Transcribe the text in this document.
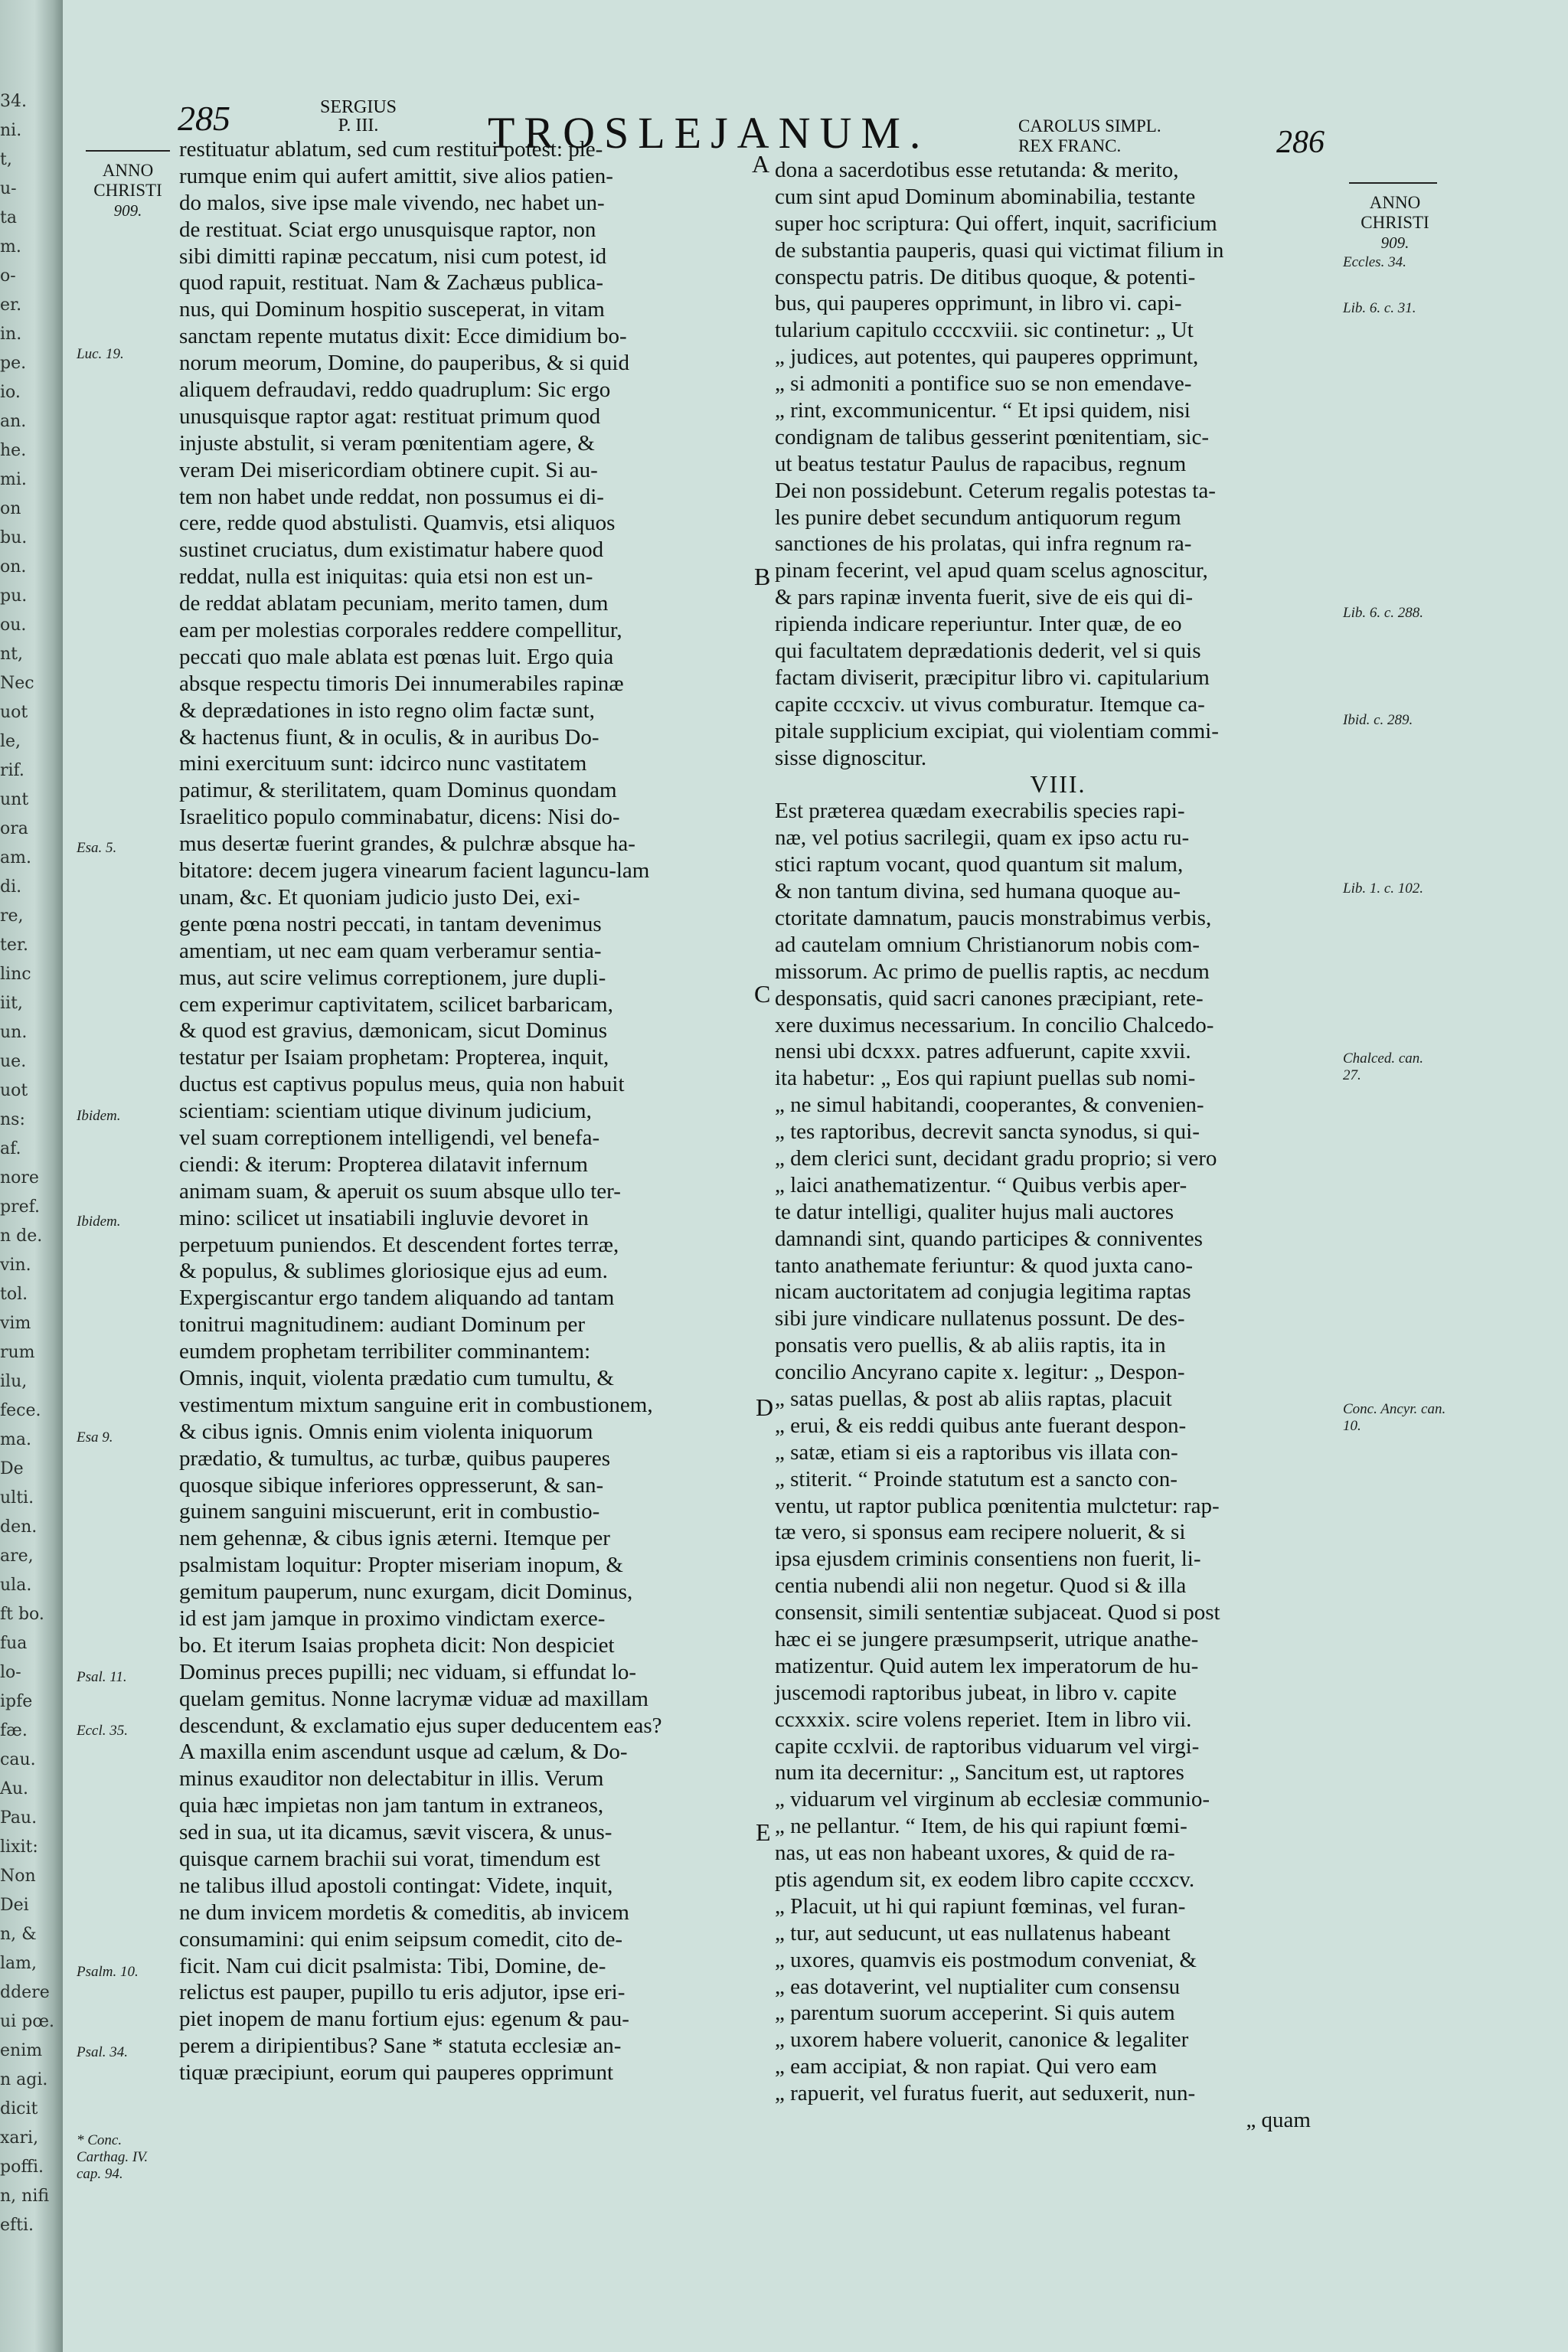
34.
ni.
t,
u-
ta
m.
o-
er.
in.
pe.
io.
an.
he.
mi.
on
bu.
on.
pu.
ou.
nt,
Nec
uot
le,
rif.
unt
ora
am.
di.
re,
ter.
linc
iit,
un.
ue.
uot
ns:
af.
nore
pref.
n de.
vin.
tol.
vim
rum
ilu,
fece.
ma.
De
ulti.
den.
are,
ula.
ft bo.
fua
lo-
ipfe
fæ.
cau.
Au.
Pau.
lixit:
Non
Dei
n, &
lam,
ddere
ui pœ.
enim
n agi.
dicit
xari,
poffi.
n, nifi
efti.
285	SERGIUS
P. III.	TROSLEJANUM.	CAROLUS SIMPL.
REX FRANC.	286
ANNO
CHRISTI
909.	ANNO
CHRISTI
909.
Luc. 19.
Esa. 5.
Ibidem.
Ibidem.
Esa 9.
Psal. 11.
Eccl. 35.
Psalm. 10.
Psal. 34.
* Conc. Carthag. IV. cap. 94.
Eccles. 34.
Lib. 6. c. 31.
Lib. 6. c. 288.
Ibid. c. 289.
Lib. 1. c. 102.
Chalced. can. 27.
Conc. Ancyr. can. 10.
A
B
C
D
E
restituatur ablatum, sed cum restitui potest: ple-
rumque enim qui aufert amittit, sive alios patien-
do malos, sive ipse male vivendo, nec habet un-
de restituat. Sciat ergo unusquisque raptor, non
sibi dimitti rapinæ peccatum, nisi cum potest, id
quod rapuit, restituat. Nam & Zachæus publica-
nus, qui Dominum hospitio susceperat, in vitam
sanctam repente mutatus dixit: Ecce dimidium bo-
norum meorum, Domine, do pauperibus, & si quid
aliquem defraudavi, reddo quadruplum: Sic ergo
unusquisque raptor agat: restituat primum quod
injuste abstulit, si veram pœnitentiam agere, &
veram Dei misericordiam obtinere cupit. Si au-
tem non habet unde reddat, non possumus ei di-
cere, redde quod abstulisti. Quamvis, etsi aliquos
sustinet cruciatus, dum existimatur habere quod
reddat, nulla est iniquitas: quia etsi non est un-
de reddat ablatam pecuniam, merito tamen, dum
eam per molestias corporales reddere compellitur,
peccati quo male ablata est pœnas luit. Ergo quia
absque respectu timoris Dei innumerabiles rapinæ
& deprædationes in isto regno olim factæ sunt,
& hactenus fiunt, & in oculis, & in auribus Do-
mini exercituum sunt: idcirco nunc vastitatem
patimur, & sterilitatem, quam Dominus quondam
Israelitico populo comminabatur, dicens: Nisi do-
mus desertæ fuerint grandes, & pulchræ absque ha-
bitatore: decem jugera vinearum facient laguncu-lam
unam, &c. Et quoniam judicio justo Dei, exi-
gente pœna nostri peccati, in tantam devenimus
amentiam, ut nec eam quam verberamur sentia-
mus, aut scire velimus correptionem, jure dupli-
cem experimur captivitatem, scilicet barbaricam,
& quod est gravius, dæmonicam, sicut Dominus
testatur per Isaiam prophetam: Propterea, inquit,
ductus est captivus populus meus, quia non habuit
scientiam: scientiam utique divinum judicium,
vel suam correptionem intelligendi, vel benefa-
ciendi: & iterum: Propterea dilatavit infernum
animam suam, & aperuit os suum absque ullo ter-
mino: scilicet ut insatiabili ingluvie devoret in
perpetuum puniendos. Et descendent fortes terræ,
& populus, & sublimes gloriosique ejus ad eum.
Expergiscantur ergo tandem aliquando ad tantam
tonitrui magnitudinem: audiant Dominum per
eumdem prophetam terribiliter comminantem:
Omnis, inquit, violenta prædatio cum tumultu, &
vestimentum mixtum sanguine erit in combustionem,
& cibus ignis. Omnis enim violenta iniquorum
prædatio, & tumultus, ac turbæ, quibus pauperes
quosque sibique inferiores oppresserunt, & san-
guinem sanguini miscuerunt, erit in combustio-
nem gehennæ, & cibus ignis æterni. Itemque per
psalmistam loquitur: Propter miseriam inopum, &
gemitum pauperum, nunc exurgam, dicit Dominus,
id est jam jamque in proximo vindictam exerce-
bo. Et iterum Isaias propheta dicit: Non despiciet
Dominus preces pupilli; nec viduam, si effundat lo-
quelam gemitus. Nonne lacrymæ viduæ ad maxillam
descendunt, & exclamatio ejus super deducentem eas?
A maxilla enim ascendunt usque ad cælum, & Do-
minus exauditor non delectabitur in illis. Verum
quia hæc impietas non jam tantum in extraneos,
sed in sua, ut ita dicamus, sævit viscera, & unus-
quisque carnem brachii sui vorat, timendum est
ne talibus illud apostoli contingat: Videte, inquit,
ne dum invicem mordetis & comeditis, ab invicem
consumamini: qui enim seipsum comedit, cito de-
ficit. Nam cui dicit psalmista: Tibi, Domine, de-
relictus est pauper, pupillo tu eris adjutor, ipse eri-
piet inopem de manu fortium ejus: egenum & pau-
perem a diripientibus? Sane * statuta ecclesiæ an-
tiquæ præcipiunt, eorum qui pauperes opprimunt
dona a sacerdotibus esse retutanda: & merito,
cum sint apud Dominum abominabilia, testante
super hoc scriptura: Qui offert, inquit, sacrificium
de substantia pauperis, quasi qui victimat filium in
conspectu patris. De ditibus quoque, & potenti-
bus, qui pauperes opprimunt, in libro vi. capi-
tularium capitulo ccccxviii. sic continetur: „ Ut
„ judices, aut potentes, qui pauperes opprimunt,
„ si admoniti a pontifice suo se non emendave-
„ rint, excommunicentur. “ Et ipsi quidem, nisi
condignam de talibus gesserint pœnitentiam, sic-
ut beatus testatur Paulus de rapacibus, regnum
Dei non possidebunt. Ceterum regalis potestas ta-
les punire debet secundum antiquorum regum
sanctiones de his prolatas, qui infra regnum ra-
pinam fecerint, vel apud quam scelus agnoscitur,
& pars rapinæ inventa fuerit, sive de eis qui di-
ripienda indicare reperiuntur. Inter quæ, de eo
qui facultatem deprædationis dederit, vel si quis
factam diviserit, præcipitur libro vi. capitularium
capite cccxciv. ut vivus comburatur. Itemque ca-
pitale supplicium excipiat, qui violentiam commi-
sisse dignoscitur.
VIII.
Est præterea quædam execrabilis species rapi-
næ, vel potius sacrilegii, quam ex ipso actu ru-
stici raptum vocant, quod quantum sit malum,
& non tantum divina, sed humana quoque au-
ctoritate damnatum, paucis monstrabimus verbis,
ad cautelam omnium Christianorum nobis com-
missorum. Ac primo de puellis raptis, ac necdum
desponsatis, quid sacri canones præcipiant, rete-
xere duximus necessarium. In concilio Chalcedo-
nensi ubi dcxxx. patres adfuerunt, capite xxvii.
ita habetur: „ Eos qui rapiunt puellas sub nomi-
„ ne simul habitandi, cooperantes, & convenien-
„ tes raptoribus, decrevit sancta synodus, si qui-
„ dem clerici sunt, decidant gradu proprio; si vero
„ laici anathematizentur. “ Quibus verbis aper-
te datur intelligi, qualiter hujus mali auctores
damnandi sint, quando participes & conniventes
tanto anathemate feriuntur: & quod juxta cano-
nicam auctoritatem ad conjugia legitima raptas
sibi jure vindicare nullatenus possunt. De des-
ponsatis vero puellis, & ab aliis raptis, ita in
concilio Ancyrano capite x. legitur: „ Despon-
„ satas puellas, & post ab aliis raptas, placuit
„ erui, & eis reddi quibus ante fuerant despon-
„ satæ, etiam si eis a raptoribus vis illata con-
„ stiterit. “ Proinde statutum est a sancto con-
ventu, ut raptor publica pœnitentia mulctetur: rap-
tæ vero, si sponsus eam recipere noluerit, & si
ipsa ejusdem criminis consentiens non fuerit, li-
centia nubendi alii non negetur. Quod si & illa
consensit, simili sententiæ subjaceat. Quod si post
hæc ei se jungere præsumpserit, utrique anathe-
matizentur. Quid autem lex imperatorum de hu-
juscemodi raptoribus jubeat, in libro v. capite
ccxxxix. scire volens reperiet. Item in libro vii.
capite ccxlvii. de raptoribus viduarum vel virgi-
num ita decernitur: „ Sancitum est, ut raptores
„ viduarum vel virginum ab ecclesiæ communio-
„ ne pellantur. “ Item, de his qui rapiunt fœmi-
nas, ut eas non habeant uxores, & quid de ra-
ptis agendum sit, ex eodem libro capite cccxcv.
„ Placuit, ut hi qui rapiunt fœminas, vel furan-
„ tur, aut seducunt, ut eas nullatenus habeant
„ uxores, quamvis eis postmodum conveniat, &
„ eas dotaverint, vel nuptialiter cum consensu
„ parentum suorum acceperint. Si quis autem
„ uxorem habere voluerit, canonice & legaliter
„ eam accipiat, & non rapiat. Qui vero eam
„ rapuerit, vel furatus fuerit, aut seduxerit, nun-
„ quam
